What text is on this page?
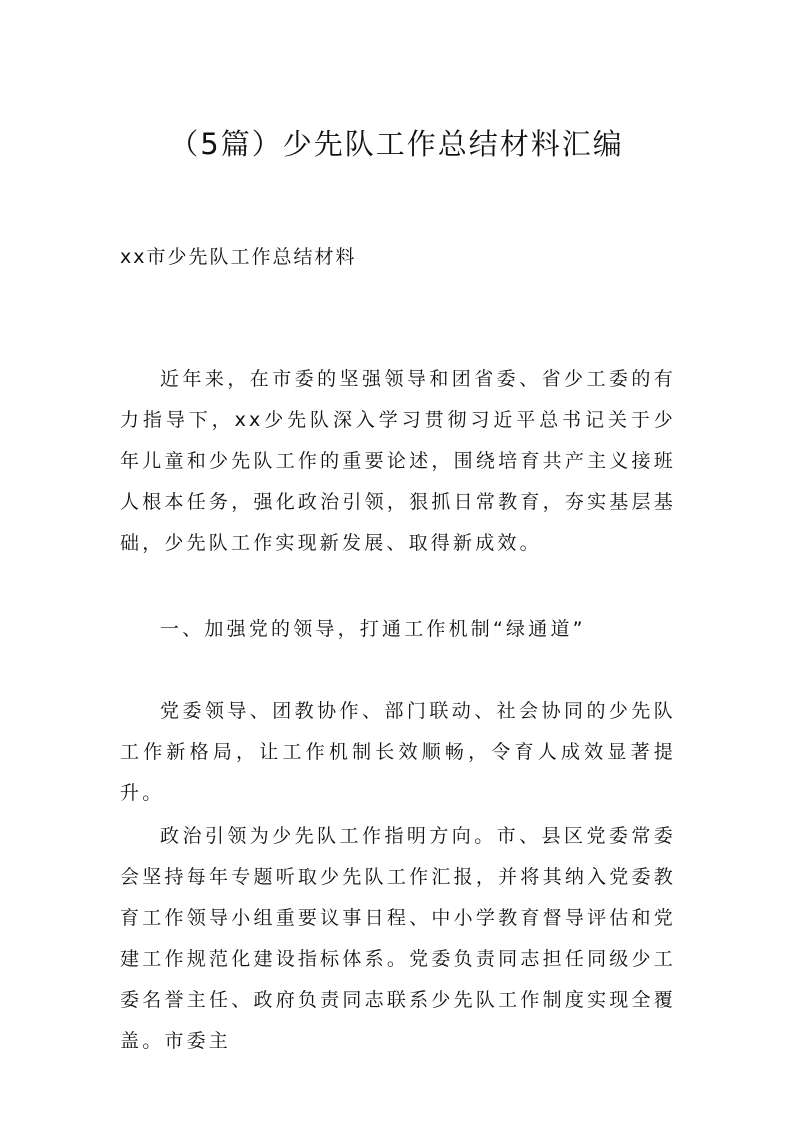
（5篇）少先队工作总结材料汇编

xx市少先队工作总结材料

近年来，在市委的坚强领导和团省委、省少工委的有力指导下，xx少先队深入学习贯彻习近平总书记关于少年儿童和少先队工作的重要论述，围绕培育共产主义接班人根本任务，强化政治引领，狠抓日常教育，夯实基层基础，少先队工作实现新发展、取得新成效。

一、加强党的领导，打通工作机制“绿通道”

党委领导、团教协作、部门联动、社会协同的少先队工作新格局，让工作机制长效顺畅，令育人成效显著提升。

政治引领为少先队工作指明方向。市、县区党委常委会坚持每年专题听取少先队工作汇报，并将其纳入党委教育工作领导小组重要议事日程、中小学教育督导评估和党建工作规范化建设指标体系。党委负责同志担任同级少工委名誉主任、政府负责同志联系少先队工作制度实现全覆盖。市委主
